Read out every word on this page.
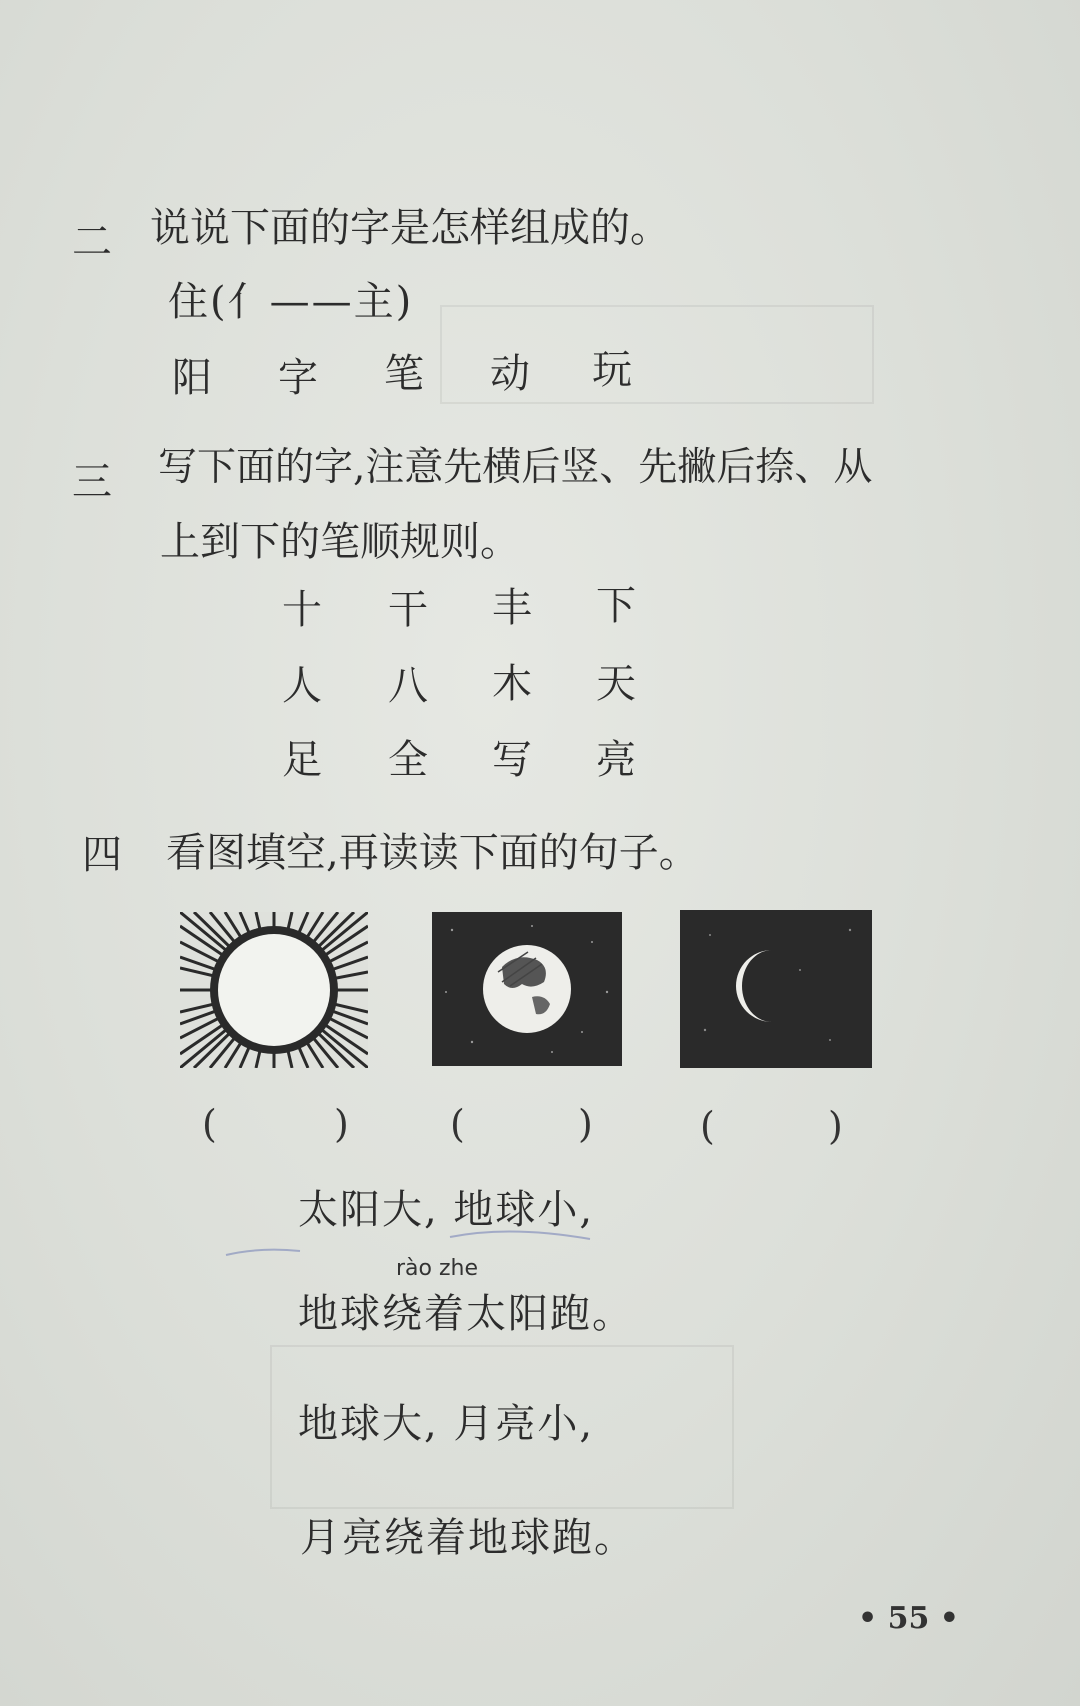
二 说说下面的字是怎样组成的。
住(亻——主)
阳 字 笔 动 玩
三 写下面的字,注意先横后竖、先撇后捺、从
上到下的笔顺规则。
十 干 丰 下
人 八 木 天
足 全 写 亮
四 看图填空,再读读下面的句子。
(	)	(	)	(	)
太阳大, 地球小,
rào zhe
地球绕着太阳跑。
地球大, 月亮小,
月亮绕着地球跑。
• 55 •
